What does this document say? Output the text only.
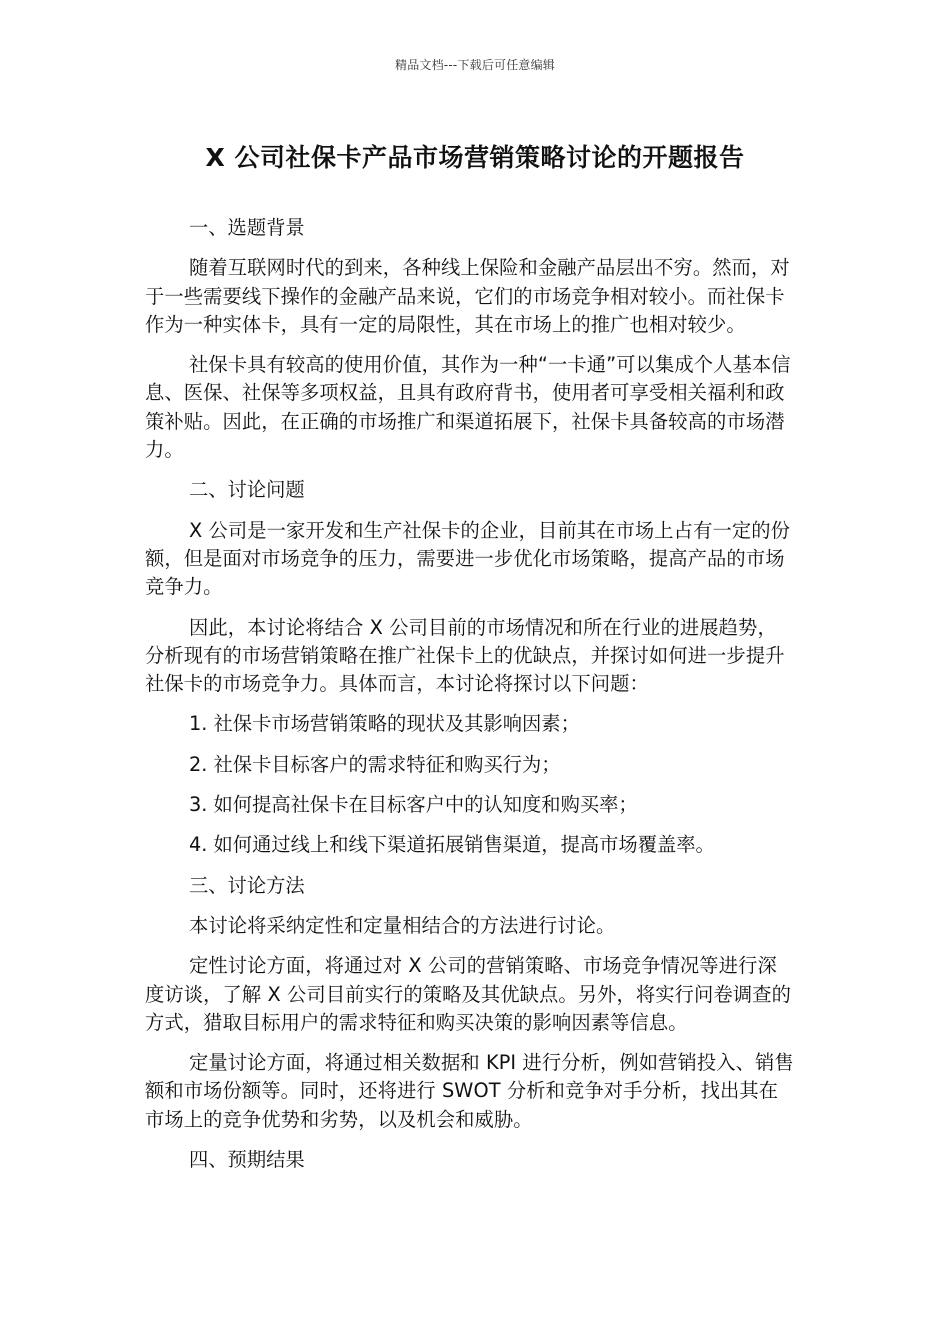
精品文档---下载后可任意编辑
X 公司社保卡产品市场营销策略讨论的开题报告

一、选题背景

随着互联网时代的到来，各种线上保险和金融产品层出不穷。然而，对于一些需要线下操作的金融产品来说，它们的市场竞争相对较小。而社保卡作为一种实体卡，具有一定的局限性，其在市场上的推广也相对较少。

社保卡具有较高的使用价值，其作为一种“一卡通”可以集成个人基本信息、医保、社保等多项权益，且具有政府背书，使用者可享受相关福利和政策补贴。因此，在正确的市场推广和渠道拓展下，社保卡具备较高的市场潜力。

二、讨论问题

X 公司是一家开发和生产社保卡的企业，目前其在市场上占有一定的份额，但是面对市场竞争的压力，需要进一步优化市场策略，提高产品的市场竞争力。

因此，本讨论将结合 X 公司目前的市场情况和所在行业的进展趋势，分析现有的市场营销策略在推广社保卡上的优缺点，并探讨如何进一步提升社保卡的市场竞争力。具体而言，本讨论将探讨以下问题：

1. 社保卡市场营销策略的现状及其影响因素；

2. 社保卡目标客户的需求特征和购买行为；

3. 如何提高社保卡在目标客户中的认知度和购买率；

4. 如何通过线上和线下渠道拓展销售渠道，提高市场覆盖率。

三、讨论方法

本讨论将采纳定性和定量相结合的方法进行讨论。

定性讨论方面，将通过对 X 公司的营销策略、市场竞争情况等进行深度访谈，了解 X 公司目前实行的策略及其优缺点。另外，将实行问卷调查的方式，猎取目标用户的需求特征和购买决策的影响因素等信息。

定量讨论方面，将通过相关数据和 KPI 进行分析，例如营销投入、销售额和市场份额等。同时，还将进行 SWOT 分析和竞争对手分析，找出其在市场上的竞争优势和劣势，以及机会和威胁。

四、预期结果
